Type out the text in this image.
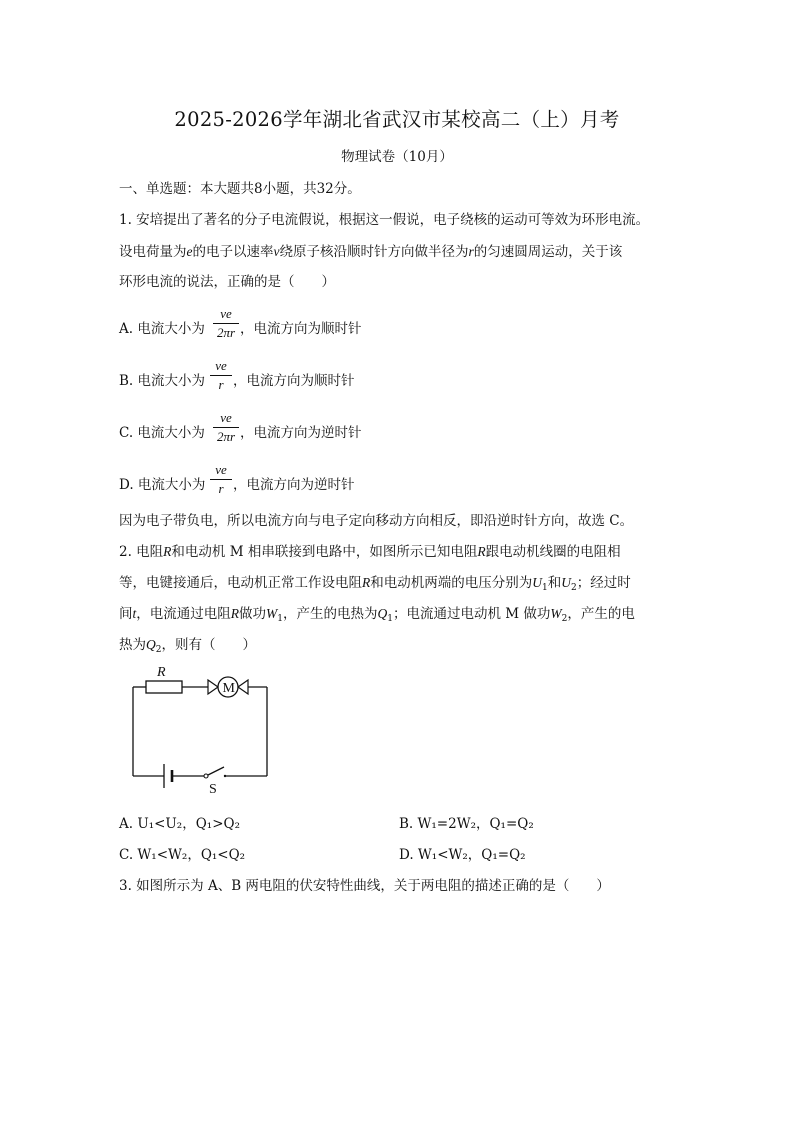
2025-2026学年湖北省武汉市某校高二（上）月考
物理试卷（10月）
一、单选题：本大题共8小题，共32分。
1. 安培提出了著名的分子电流假说，根据这一假说，电子绕核的运动可等效为环形电流。
设电荷量为e的电子以速率v绕原子核沿顺时针方向做半径为r的匀速圆周运动，关于该
环形电流的说法，正确的是（　　）
A. 电流大小为
ve
2πr ，电流方向为顺时针
B. 电流大小为
ve
r ，电流方向为顺时针
C. 电流大小为
ve
2πr ，电流方向为逆时针
D. 电流大小为
ve
r ，电流方向为逆时针
因为电子带负电，所以电流方向与电子定向移动方向相反，即沿逆时针方向，故选 C。
2. 电阻R和电动机 M 相串联接到电路中，如图所示已知电阻R跟电动机线圈的电阻相
等，电键接通后，电动机正常工作设电阻R和电动机两端的电压分别为$U_1$和$U_2$；经过时
间t，电流通过电阻R做功$W_1$，产生的电热为$Q_1$；电流通过电动机 M 做功$W_2$，产生的电
热为$Q_2$，则有（　　）
R
M
S
A. U₁<U₂，Q₁>Q₂	B. W₁=2W₂，Q₁=Q₂
C. W₁<W₂，Q₁<Q₂	D. W₁<W₂，Q₁=Q₂
3. 如图所示为 A、B 两电阻的伏安特性曲线，关于两电阻的描述正确的是（　　）
